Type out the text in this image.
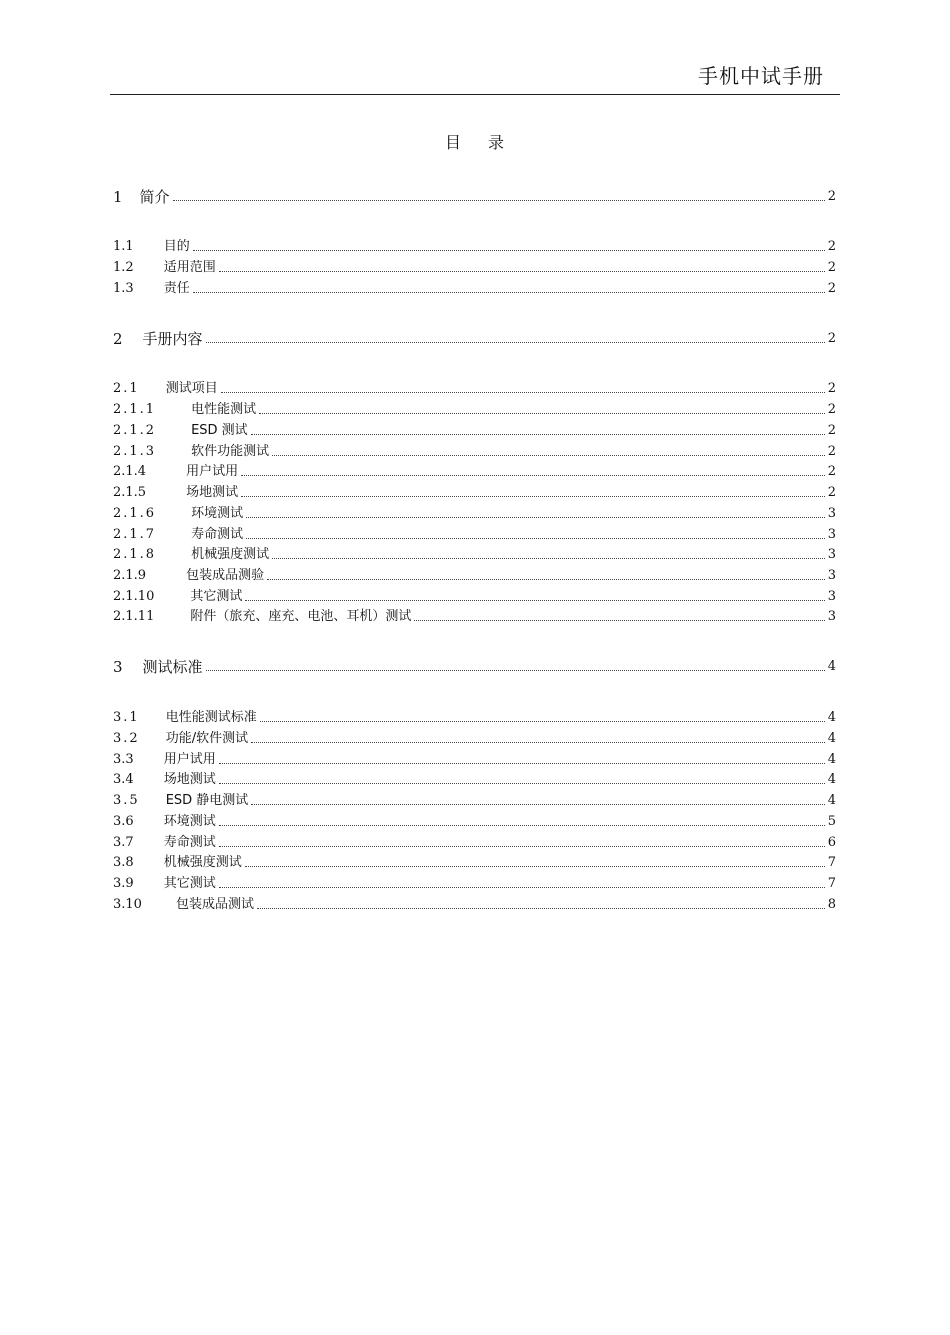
手机中试手册
目 录
1 简介	2
1.1 目的	2
1.2 适用范围	2
1.3 责任	2
2 手册内容	2
2.1 测试项目	2
2.1.1	电性能测试	2
2.1.2	ESD 测试	2
2.1.3	软件功能测试	2
2.1.4	用户试用	2
2.1.5	场地测试	2
2.1.6	环境测试	3
2.1.7	寿命测试	3
2.1.8	机械强度测试	3
2.1.9	包装成品测验	3
2.1.10	其它测试	3
2.1.11	附件（旅充、座充、电池、耳机）测试	3
3 测试标准	4
3.1 电性能测试标准	4
3.2 功能/软件测试	4
3.3 用户试用	4
3.4 场地测试	4
3.5 ESD 静电测试	4
3.6 环境测试	5
3.7 寿命测试	6
3.8 机械强度测试	7
3.9 其它测试	7
3.10	包装成品测试	8
